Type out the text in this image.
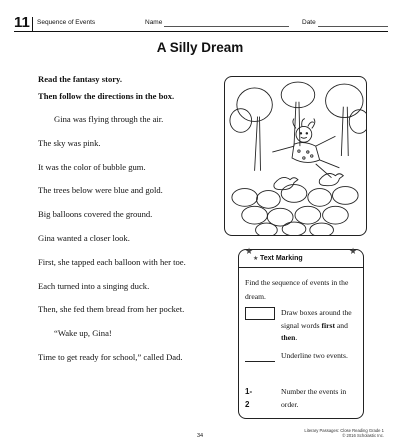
11 Sequence of Events	Name	Date
A Silly Dream
Read the fantasy story.
Then follow the directions in the box.

Gina was flying through the air.

The sky was pink.

It was the color of bubble gum.

The trees below were blue and gold.

Big balloons covered the ground.

Gina wanted a closer look.

First, she tapped each balloon with her toe.

Each turned into a singing duck.

Then, she fed them bread from her pocket.

“Wake up, Gina!

Time to get ready for school,” called Dad.

★
★
★
Text Marking
Find the sequence of events in the dream.
Draw boxes around the signal words first and then.
Underline two events.
1-2
Number the events in order.
34
Literary Passages: Close Reading Grade 1
© 2016 Scholastic Inc.
